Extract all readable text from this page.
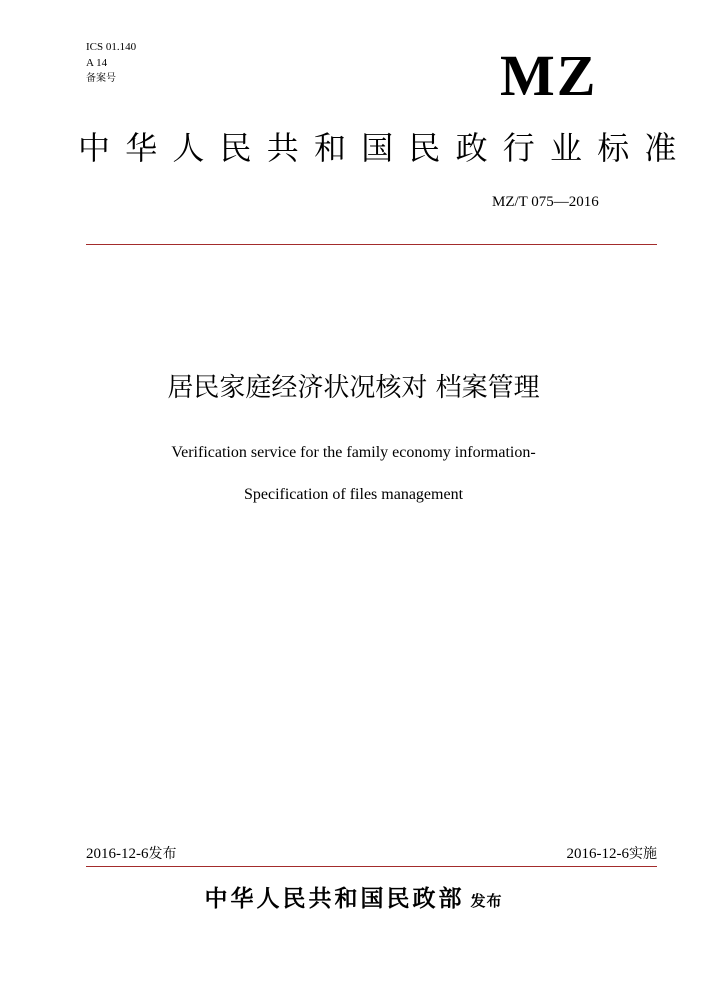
ICS 01.140
A 14
备案号	MZ
中华人民共和国民政行业标准
MZ/T 075—2016
居民家庭经济状况核对 档案管理
Verification service for the family economy information-
Specification of files management
2016-12-6发布	2016-12-6实施
中华人民共和国民政部 发布
